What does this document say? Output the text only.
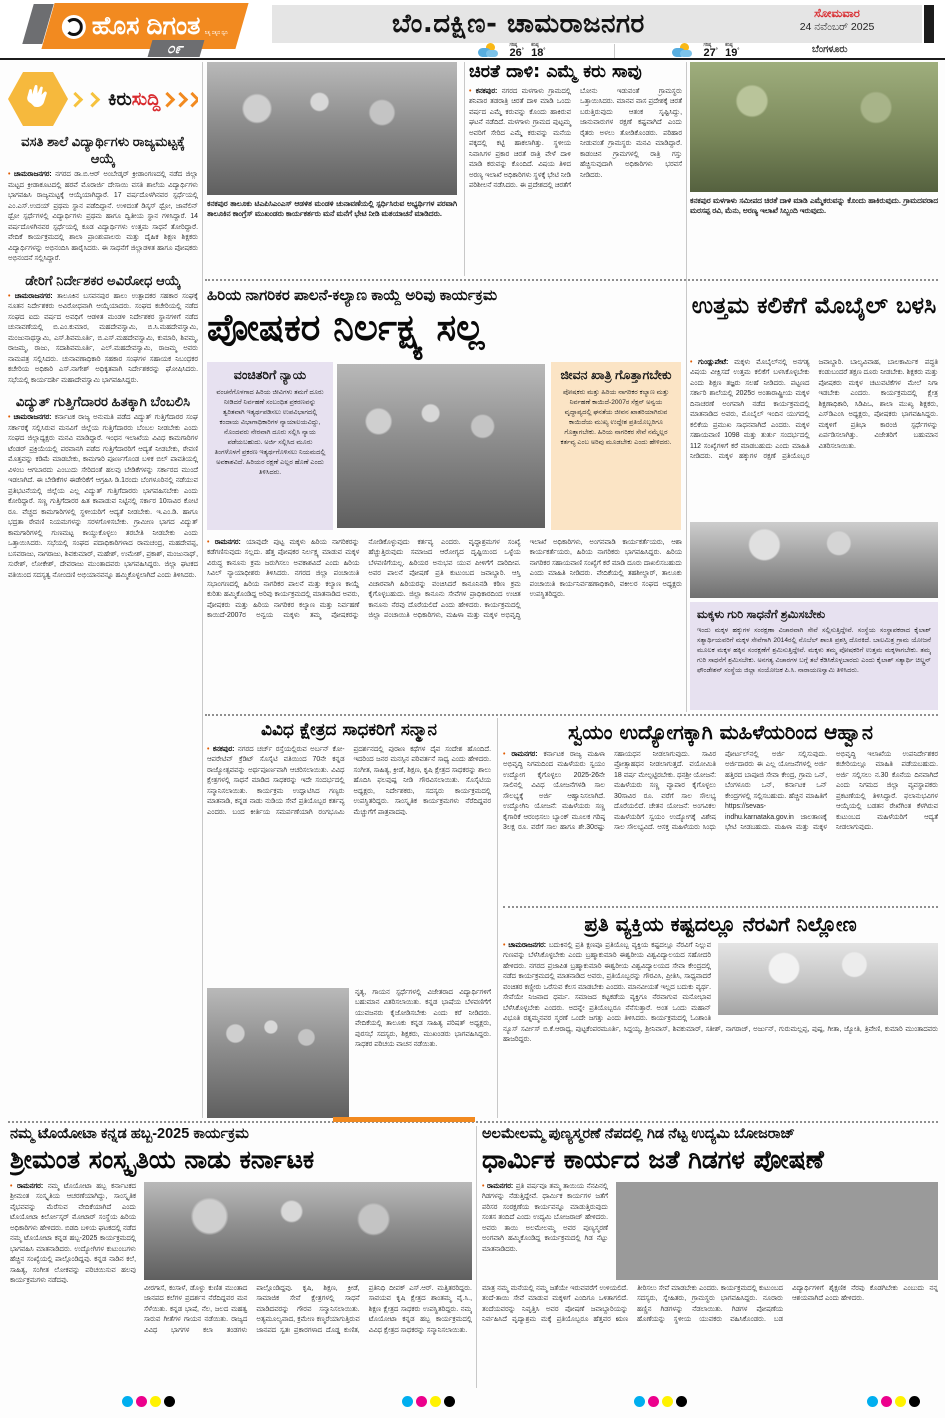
ಹೊಸ ದಿಗಂತ ನಿತ್ಯ ಸತ್ಯದ ಧ್ವನಿ
೦೯
ಬೆಂ.ದಕ್ಷಿಣ- ಚಾಮರಾಜನಗರ	ಸೋಮವಾರ
24 ನವೆಂಬರ್ 2025
ಬೆಂಗಳೂರು

ಗರಿಷ್ಠ
26°
ಕನಿಷ್ಠ
18°

ಗರಿಷ್ಠ
27°
ಕನಿಷ್ಠ
19°
ಕಿರುಸುದ್ದಿ
ವಸತಿ ಶಾಲೆ ವಿದ್ಯಾರ್ಥಿಗಳು ರಾಜ್ಯಮಟ್ಟಕ್ಕೆ ಆಯ್ಕೆ
• ಚಾಮರಾಜನಗರ: ನಗರದ ಡಾ.ಬಿ.ಆರ್ ಅಂಬೇಡ್ಕರ್ ಕ್ರೀಡಾಂಗಣದಲ್ಲಿ ನಡೆದ ಜಿಲ್ಲಾ ಮಟ್ಟದ ಕ್ರೀಡಾಕೂಟದಲ್ಲಿ ಹರವೆ ಮೊರಾರ್ಜಿ ದೇಸಾಯಿ ವಸತಿ ಶಾಲೆಯ ವಿದ್ಯಾರ್ಥಿಗಳು ಭಾಗವಹಿಸಿ ರಾಜ್ಯಮಟ್ಟಕ್ಕೆ ಆಯ್ಕೆಯಾಗಿದ್ದಾರೆ. 17 ವರ್ಷದೊಳಗಿನವರ ಸ್ಪರ್ಧೆಯಲ್ಲಿ ಎಂ.ಎಸ್.ಉದಯ್ ಪ್ರಥಮ ಸ್ಥಾನ ಪಡೆದಿದ್ದಾನೆ. ಉಳಿದಂತೆ ಡಿಸ್ಕಸ್ ಥ್ರೋ, ಜಾವೆಲಿನ್ ಥ್ರೋ ಸ್ಪರ್ಧೆಗಳಲ್ಲಿ ವಿದ್ಯಾರ್ಥಿಗಳು ಪ್ರಥಮ ಹಾಗೂ ದ್ವಿತೀಯ ಸ್ಥಾನ ಗಳಿಸಿದ್ದಾರೆ. 14 ವರ್ಷದೊಳಗಿನವರ ಸ್ಪರ್ಧೆಯಲ್ಲಿ ಕೂಡ ವಿದ್ಯಾರ್ಥಿಗಳು ಉತ್ತಮ ಸಾಧನೆ ತೋರಿದ್ದಾರೆ. ವೇದಿಕೆ ಕಾರ್ಯಕ್ರಮದಲ್ಲಿ ಶಾಲಾ ಪ್ರಾಂಶುಪಾಲರು ಮತ್ತು ದೈಹಿಕ ಶಿಕ್ಷಣ ಶಿಕ್ಷಕರು ವಿದ್ಯಾರ್ಥಿಗಳನ್ನು ಅಭಿನಂದಿಸಿ ಹಾರೈಸಿದರು. ಈ ಸಾಧನೆಗೆ ಜಿಲ್ಲಾಡಳಿತ ಹಾಗೂ ಪೋಷಕರು ಅಭಿನಂದನೆ ಸಲ್ಲಿಸಿದ್ದಾರೆ.
ಡೇರಿಗೆ ನಿರ್ದೇಶಕರ ಅವಿರೋಧ ಆಯ್ಕೆ
• ಚಾಮರಾಜನಗರ: ತಾಲೂಕಿನ ಬಸವನಪುರ ಹಾಲು ಉತ್ಪಾದಕರ ಸಹಕಾರ ಸಂಘಕ್ಕೆ ನೂತನ ನಿರ್ದೇಶಕರು ಅವಿರೋಧವಾಗಿ ಆಯ್ಕೆಯಾದರು. ಸಂಘದ ಕಚೇರಿಯಲ್ಲಿ ನಡೆದ ಸಂಘದ ಐದು ವರ್ಷದ ಅವಧಿಗೆ ಆಡಳಿತ ಮಂಡಳಿ ನಿರ್ದೇಶಕರ ಸ್ಥಾನಗಳಿಗೆ ನಡೆದ ಚುನಾವಣೆಯಲ್ಲಿ ಬಿ.ಎಂ.ಕುಮಾರ, ಮಹದೇವಸ್ವಾಮಿ, ಬಿ.ಸಿ.ಮಹದೇವಸ್ವಾಮಿ, ಮಂಜುನಾಥಸ್ವಾಮಿ, ಎಸ್.ಶಿವಮೂರ್ತಿ, ಬಿ.ಎಸ್.ಮಹದೇವಸ್ವಾಮಿ, ಕುಮಾರಿ, ಶಿವಮ್ಮ, ರಾಜಮ್ಮ, ರಾಜು, ಸದಾಶಿವಮೂರ್ತಿ, ಎಲ್.ಮಹದೇವಸ್ವಾಮಿ, ರಾಜಮ್ಮ ಅವರು ನಾಮಪತ್ರ ಸಲ್ಲಿಸಿದರು. ಚುನಾವಣಾಧಿಕಾರಿ ಸಹಕಾರ ಸಂಘಗಳ ಸಹಾಯಕ ನಿಬಂಧಕರ ಕಚೇರಿಯ ಅಧಿಕಾರಿ ಎಸ್.ನಾಗೇಶ್ ಅಧಿಕೃತವಾಗಿ ನಿರ್ದೇಶಕರನ್ನು ಘೋಷಿಸಿದರು. ಸಭೆಯಲ್ಲಿ ಕಾರ್ಯದರ್ಶಿ ಮಹಾದೇವಸ್ವಾಮಿ ಭಾಗವಹಿಸಿದ್ದರು.
ವಿದ್ಯುತ್ ಗುತ್ತಿಗೆದಾರರ ಹಿತಕ್ಕಾಗಿ ಬೆಂಬಲಿಸಿ
• ಚಾಮರಾಜನಗರ: ಕರ್ನಾಟಕ ರಾಜ್ಯ ಅನುಮತಿ ಪಡೆದ ವಿದ್ಯುತ್ ಗುತ್ತಿಗೆದಾರರ ಸಂಘ ಸರ್ಕಾರಕ್ಕೆ ಸಲ್ಲಿಸಿರುವ ಮನವಿಗೆ ಜಿಲ್ಲೆಯ ಗುತ್ತಿಗೆದಾರರು ಬೆಂಬಲ ನೀಡಬೇಕು ಎಂದು ಸಂಘದ ಜಿಲ್ಲಾಧ್ಯಕ್ಷರು ಮನವಿ ಮಾಡಿದ್ದಾರೆ. ಇಂಧನ ಇಲಾಖೆಯ ವಿವಿಧ ಕಾಮಗಾರಿಗಳ ಟೆಂಡರ್ ಪ್ರಕ್ರಿಯೆಯಲ್ಲಿ ಪರವಾನಗಿ ಪಡೆದ ಗುತ್ತಿಗೆದಾರರಿಗೆ ಆದ್ಯತೆ ನೀಡಬೇಕು, ಠೇವಣಿ ಮೊತ್ತವನ್ನು ಕಡಿಮೆ ಮಾಡಬೇಕು, ಕಾಮಗಾರಿ ಪೂರ್ಣಗೊಂಡ ಬಳಿಕ ಬಿಲ್ ಪಾವತಿಯಲ್ಲಿ ವಿಳಂಬ ಆಗಬಾರದು ಎಂಬುದು ಸೇರಿದಂತೆ ಹಲವು ಬೇಡಿಕೆಗಳನ್ನು ಸರ್ಕಾರದ ಮುಂದೆ ಇಡಲಾಗಿದೆ. ಈ ಬೇಡಿಕೆಗಳ ಈಡೇರಿಕೆಗೆ ಆಗ್ರಹಿಸಿ ಡಿ.1ರಂದು ಬೆಂಗಳೂರಿನಲ್ಲಿ ನಡೆಯುವ ಪ್ರತಿಭಟನೆಯಲ್ಲಿ ಜಿಲ್ಲೆಯ ಎಲ್ಲ ವಿದ್ಯುತ್ ಗುತ್ತಿಗೆದಾರರು ಭಾಗವಹಿಸಬೇಕು ಎಂದು ಕೋರಿದ್ದಾರೆ. ಸಣ್ಣ ಗುತ್ತಿಗೆದಾರರ ಹಿತ ಕಾಪಾಡುವ ನಿಟ್ಟಿನಲ್ಲಿ ಸರ್ಕಾರ 10ಸಾವಿರ ಕೋಟಿ ರೂ. ವೆಚ್ಚದ ಕಾಮಗಾರಿಗಳಲ್ಲಿ ಸ್ಥಳೀಯರಿಗೆ ಆದ್ಯತೆ ನೀಡಬೇಕು. ಇ.ಎಂ.ಡಿ. ಹಾಗೂ ಭದ್ರತಾ ಠೇವಣಿ ನಿಯಮಗಳನ್ನು ಸರಳಗೊಳಿಸಬೇಕು. ಗ್ರಾಮೀಣ ಭಾಗದ ವಿದ್ಯುತ್ ಕಾಮಗಾರಿಗಳಲ್ಲಿ ಗುಣಮಟ್ಟ ಕಾಯ್ದುಕೊಳ್ಳಲು ತರಬೇತಿ ನೀಡಬೇಕು ಎಂದು ಒತ್ತಾಯಿಸಿದರು. ಸಭೆಯಲ್ಲಿ ಸಂಘದ ಪದಾಧಿಕಾರಿಗಳಾದ ರಾಮಚಂದ್ರ, ಮಹದೇವಪ್ಪ, ಬಸವರಾಜು, ನಾಗರಾಜು, ಶಿವಕುಮಾರ್, ಮಹೇಶ್, ಉಮೇಶ್, ಪ್ರಕಾಶ್, ಮಂಜುನಾಥ್, ಸುರೇಶ್, ಲೋಕೇಶ್, ದೇವರಾಜು ಮುಂತಾದವರು ಭಾಗವಹಿಸಿದ್ದರು. ಜಿಲ್ಲಾ ಘಟಕದ ವತಿಯಿಂದ ಸದಸ್ಯತ್ವ ನೋಂದಣಿ ಅಭಿಯಾನವನ್ನೂ ಹಮ್ಮಿಕೊಳ್ಳಲಾಗಿದೆ ಎಂದು ತಿಳಿಸಿದರು.
ಕನಕಪುರ ತಾಲೂಕು ಟಿಎಪಿಸಿಎಂಎಸ್ ಆಡಳಿತ ಮಂಡಳಿ ಚುನಾವಣೆಯಲ್ಲಿ ಸ್ಪರ್ಧಿಸಿರುವ ಅಭ್ಯರ್ಥಿಗಳ ಪರವಾಗಿ ತಾಲೂಕಿನ ಕಾಂಗ್ರೆಸ್ ಮುಖಂಡರು ಕಾರ್ಯಕರ್ತರು ಮನೆ ಮನೆಗೆ ಭೇಟಿ ನೀಡಿ ಮತಯಾಚನೆ ಮಾಡಿದರು.
ಚಿರತೆ ದಾಳಿ: ಎಮ್ಮೆ ಕರು ಸಾವು
• ಕನಕಪುರ: ನಗರದ ಮಳಗಾಳು ಗ್ರಾಮದಲ್ಲಿ ಶನಿವಾರ ತಡರಾತ್ರಿ ಚಿರತೆ ದಾಳಿ ಮಾಡಿ ಒಂದು ವರ್ಷದ ಎಮ್ಮೆ ಕರುವನ್ನು ಕೊಂದು ಹಾಕಿರುವ ಘಟನೆ ನಡೆದಿದೆ. ಮಳಗಾಳು ಗ್ರಾಮದ ಪುಟ್ಟಮ್ಮ ಅವರಿಗೆ ಸೇರಿದ ಎಮ್ಮೆ ಕರುವನ್ನು ಮನೆಯ ಪಕ್ಕದಲ್ಲಿ ಕಟ್ಟಿ ಹಾಕಲಾಗಿತ್ತು. ಸ್ಥಳೀಯ ನಿವಾಸಿಗಳ ಪ್ರಕಾರ ಚಿರತೆ ರಾತ್ರಿ ವೇಳೆ ದಾಳಿ ಮಾಡಿ ಕರುವನ್ನು ಕೊಂದಿದೆ. ವಿಷಯ ತಿಳಿದ ಅರಣ್ಯ ಇಲಾಖೆ ಅಧಿಕಾರಿಗಳು ಸ್ಥಳಕ್ಕೆ ಭೇಟಿ ನೀಡಿ ಪರಿಶೀಲನೆ ನಡೆಸಿದರು. ಈ ಪ್ರದೇಶದಲ್ಲಿ ಚಿರತೆಗೆ ಬೋನು ಇಡುವಂತೆ ಗ್ರಾಮಸ್ಥರು ಒತ್ತಾಯಿಸಿದರು. ಮಾನವ ವಾಸ ಪ್ರದೇಶಕ್ಕೆ ಚಿರತೆ ಬರುತ್ತಿರುವುದು ಆತಂಕ ಸೃಷ್ಟಿಸಿದ್ದು, ಜಾನುವಾರುಗಳ ರಕ್ಷಣೆ ಕಷ್ಟವಾಗಿದೆ ಎಂದು ರೈತರು ಅಳಲು ತೋಡಿಕೊಂಡರು. ಪರಿಹಾರ ನೀಡುವಂತೆ ಗ್ರಾಮಸ್ಥರು ಮನವಿ ಮಾಡಿದ್ದಾರೆ. ಕಾಡಂಚಿನ ಗ್ರಾಮಗಳಲ್ಲಿ ರಾತ್ರಿ ಗಸ್ತು ಹೆಚ್ಚಿಸುವುದಾಗಿ ಅಧಿಕಾರಿಗಳು ಭರವಸೆ ನೀಡಿದರು.
ಕನಕಪುರ ಮಳಗಾಳು ಸಮೀಪದ ಚಿರತೆ ದಾಳಿ ಮಾಡಿ ಎಮ್ಮೆಕರುವನ್ನು ಕೊಂದು ಹಾಕಿರುವುದು. ಗ್ರಾಮದವರಾದ ಮರಸಪ್ಪ ರವಿ, ಮೆನು, ಅರಣ್ಯ ಇಲಾಖೆ ಸಿಬ್ಬಂದಿ ಇರುವುದು.
ಹಿರಿಯ ನಾಗರಿಕರ ಪಾಲನೆ-ಕಲ್ಯಾಣ ಕಾಯ್ದೆ ಅರಿವು ಕಾರ್ಯಕ್ರಮ
ಪೋಷಕರ ನಿರ್ಲಕ್ಷ್ಯ ಸಲ್ಲ
ವಂಚಿತರಿಗೆ ನ್ಯಾಯ
ವಂಚನೆಗೊಳಗಾದ ಹಿರಿಯ ಜೀವಿಗಳು ತಮಗೆ ದೂರು ನೀಡಿದರೆ ನಿರ್ವಹಣೆ ಸಂಬಂಧಿತ ಪ್ರಕರಣವನ್ನು ತ್ವರಿತವಾಗಿ ಇತ್ಯರ್ಥಪಡಿಸಲು ಉಪವಿಭಾಗದಲ್ಲಿ ಕಂದಾಯ ವಿಭಾಗಾಧಿಕಾರಿಗಳ ನ್ಯಾಯಾಲಯವಿದ್ದು, ನೊಂದವರು ನೇರವಾಗಿ ದೂರು ಸಲ್ಲಿಸಿ ನ್ಯಾಯ ಪಡೆಯಬಹುದು. ಅರ್ಜಿ ಸಲ್ಲಿಸಿದ ಮೂರು ತಿಂಗಳೊಳಗೆ ಪ್ರಕರಣ ಇತ್ಯರ್ಥಗೊಳಿಸಲು ನಿಯಮದಲ್ಲಿ ಅವಕಾಶವಿದೆ. ಹಿರಿಯರ ರಕ್ಷಣೆ ಎಲ್ಲರ ಹೊಣೆ ಎಂದು ತಿಳಿಸಿದರು.
ಜೀವನ ಖಾತ್ರಿ ಗೊತ್ತಾಗಬೇಕು
ಪೋಷಕರು ಮತ್ತು ಹಿರಿಯ ನಾಗರಿಕರ ಕಲ್ಯಾಣ ಮತ್ತು ನಿರ್ವಹಣೆ ಕಾಯಿದೆ-2007ರ ಸೆಕ್ಷನ್ ಅನ್ವಯ ವೃದ್ಧಾಪ್ಯದಲ್ಲಿ ಘನತೆಯ ಜೀವನ ಖಾತರಿಯಾಗಿರುವ ಕಾಯಿದೆಯ ಮುಖ್ಯ ಉದ್ದೇಶ ಪ್ರತಿಯೊಬ್ಬರಿಗೂ ಗೊತ್ತಾಗಬೇಕು. ಹಿರಿಯ ನಾಗರಿಕರ ಸೇವೆ ನಮ್ಮೆಲ್ಲರ ಕರ್ತವ್ಯ ಎಂಬ ಅರಿವು ಮೂಡಬೇಕು ಎಂದು ಹೇಳಿದರು.
• ರಾಮನಗರ: ಯಾವುದೇ ಪುಟ್ಟ ಮಕ್ಕಳು ಹಿರಿಯ ನಾಗರಿಕರನ್ನು ಕಡೆಗಣಿಸುವುದು ಸಲ್ಲದು. ಹೆತ್ತ ಪೋಷಕರ ನಿರ್ಲಕ್ಷ್ಯ ಮಾಡುವ ಮಕ್ಕಳ ವಿರುದ್ಧ ಕಾನೂನು ಕ್ರಮ ಜರುಗಿಸಲು ಅವಕಾಶವಿದೆ ಎಂದು ಹಿರಿಯ ಸಿವಿಲ್ ನ್ಯಾಯಾಧೀಶರು ತಿಳಿಸಿದರು. ನಗರದ ಜಿಲ್ಲಾ ಪಂಚಾಯಿತಿ ಸಭಾಂಗಣದಲ್ಲಿ ಹಿರಿಯ ನಾಗರಿಕರ ಪಾಲನೆ ಮತ್ತು ಕಲ್ಯಾಣ ಕಾಯ್ದೆ ಕುರಿತು ಹಮ್ಮಿಕೊಂಡಿದ್ದ ಅರಿವು ಕಾರ್ಯಕ್ರಮದಲ್ಲಿ ಮಾತನಾಡಿದ ಅವರು, ಪೋಷಕರು ಮತ್ತು ಹಿರಿಯ ನಾಗರಿಕರ ಕಲ್ಯಾಣ ಮತ್ತು ನಿರ್ವಹಣೆ ಕಾಯಿದೆ-2007ರ ಅನ್ವಯ ಮಕ್ಕಳು ತಮ್ಮ ಪೋಷಕರನ್ನು ನೋಡಿಕೊಳ್ಳುವುದು ಕರ್ತವ್ಯ ಎಂದರು. ವೃದ್ಧಾಶ್ರಮಗಳ ಸಂಖ್ಯೆ ಹೆಚ್ಚುತ್ತಿರುವುದು ಸಮಾಜದ ಆರೋಗ್ಯದ ದೃಷ್ಟಿಯಿಂದ ಒಳ್ಳೆಯ ಬೆಳವಣಿಗೆಯಲ್ಲ. ಹಿರಿಯರ ಅನುಭವ ಯುವ ಪೀಳಿಗೆಗೆ ದಾರಿದೀಪ. ಅವರ ಪಾಲನೆ ಪೋಷಣೆ ಪ್ರತಿ ಕುಟುಂಬದ ಜವಾಬ್ದಾರಿ. ಆಸ್ತಿ ವಿಚಾರವಾಗಿ ಹಿರಿಯರನ್ನು ವಂಚಿಸಿದರೆ ಕಾನೂನಿನಡಿ ಕಠಿಣ ಕ್ರಮ ಕೈಗೊಳ್ಳಬಹುದು. ಜಿಲ್ಲಾ ಕಾನೂನು ಸೇವೆಗಳ ಪ್ರಾಧಿಕಾರದಿಂದ ಉಚಿತ ಕಾನೂನು ನೆರವು ದೊರೆಯಲಿದೆ ಎಂದು ಹೇಳಿದರು. ಕಾರ್ಯಕ್ರಮದಲ್ಲಿ ಜಿಲ್ಲಾ ಪಂಚಾಯಿತಿ ಅಧಿಕಾರಿಗಳು, ಮಹಿಳಾ ಮತ್ತು ಮಕ್ಕಳ ಅಭಿವೃದ್ಧಿ ಇಲಾಖೆ ಅಧಿಕಾರಿಗಳು, ಅಂಗನವಾಡಿ ಕಾರ್ಯಕರ್ತೆಯರು, ಆಶಾ ಕಾರ್ಯಕರ್ತೆಯರು, ಹಿರಿಯ ನಾಗರಿಕರು ಭಾಗವಹಿಸಿದ್ದರು. ಹಿರಿಯ ನಾಗರಿಕರ ಸಹಾಯವಾಣಿ ಸಂಖ್ಯೆಗೆ ಕರೆ ಮಾಡಿ ದೂರು ದಾಖಲಿಸಬಹುದು ಎಂದು ಮಾಹಿತಿ ನೀಡಿದರು. ವೇದಿಕೆಯಲ್ಲಿ ತಹಶೀಲ್ದಾರ್, ತಾಲೂಕು ಪಂಚಾಯಿತಿ ಕಾರ್ಯನಿರ್ವಹಣಾಧಿಕಾರಿ, ವಕೀಲರ ಸಂಘದ ಅಧ್ಯಕ್ಷರು ಉಪಸ್ಥಿತರಿದ್ದರು.
ಉತ್ತಮ ಕಲಿಕೆಗೆ ಮೊಬೈಲ್ ಬಳಸಿ
• ಗುಂಡ್ಲುಪೇಟೆ: ಮಕ್ಕಳು ಮೊಬೈಲ್‌ನಲ್ಲಿ ಅನಗತ್ಯ ವಿಷಯ ವೀಕ್ಷಿಸದೆ ಉತ್ತಮ ಕಲಿಕೆಗೆ ಬಳಸಿಕೊಳ್ಳಬೇಕು ಎಂದು ಶಿಕ್ಷಣ ತಜ್ಞರು ಸಲಹೆ ನೀಡಿದರು. ಪಟ್ಟಣದ ಸರ್ಕಾರಿ ಶಾಲೆಯಲ್ಲಿ 2025ರ ಅಂತಾರಾಷ್ಟ್ರೀಯ ಮಕ್ಕಳ ದಿನಾಚರಣೆ ಅಂಗವಾಗಿ ನಡೆದ ಕಾರ್ಯಕ್ರಮದಲ್ಲಿ ಮಾತನಾಡಿದ ಅವರು, ಮೊಬೈಲ್ ಇಂದಿನ ಯುಗದಲ್ಲಿ ಕಲಿಕೆಯ ಪ್ರಮುಖ ಸಾಧನವಾಗಿದೆ ಎಂದರು. ಮಕ್ಕಳ ಸಹಾಯವಾಣಿ 1098 ಮತ್ತು ತುರ್ತು ಸಂದರ್ಭದಲ್ಲಿ 112 ಸಂಖ್ಯೆಗಳಿಗೆ ಕರೆ ಮಾಡಬಹುದು ಎಂದು ಮಾಹಿತಿ ನೀಡಿದರು. ಮಕ್ಕಳ ಹಕ್ಕುಗಳ ರಕ್ಷಣೆ ಪ್ರತಿಯೊಬ್ಬರ ಜವಾಬ್ದಾರಿ. ಬಾಲ್ಯವಿವಾಹ, ಬಾಲಕಾರ್ಮಿಕ ಪದ್ಧತಿ ಕಂಡುಬಂದರೆ ತಕ್ಷಣ ದೂರು ನೀಡಬೇಕು. ಶಿಕ್ಷಕರು ಮತ್ತು ಪೋಷಕರು ಮಕ್ಕಳ ಚಟುವಟಿಕೆಗಳ ಮೇಲೆ ನಿಗಾ ಇಡಬೇಕು ಎಂದರು. ಕಾರ್ಯಕ್ರಮದಲ್ಲಿ ಕ್ಷೇತ್ರ ಶಿಕ್ಷಣಾಧಿಕಾರಿ, ಸಿಡಿಪಿಒ, ಶಾಲಾ ಮುಖ್ಯ ಶಿಕ್ಷಕರು, ಎಸ್‌ಡಿಎಂಸಿ ಅಧ್ಯಕ್ಷರು, ಪೋಷಕರು ಭಾಗವಹಿಸಿದ್ದರು. ಮಕ್ಕಳಿಗೆ ಪ್ರತಿಭಾ ಕಾರಂಜಿ ಸ್ಪರ್ಧೆಗಳನ್ನು ಏರ್ಪಡಿಸಲಾಗಿತ್ತು. ವಿಜೇತರಿಗೆ ಬಹುಮಾನ ವಿತರಿಸಲಾಯಿತು.
ಮಕ್ಕಳು ಗುರಿ ಸಾಧನೆಗೆ ಶ್ರಮಿಸಬೇಕು
ಇಂದು ಮಕ್ಕಳ ಹಕ್ಕುಗಳ ಸಂರಕ್ಷಣಾ ವಿಚಾರವಾಗಿ ಸೇವೆ ಸಲ್ಲಿಸುತ್ತಿದ್ದೇವೆ. ಸಂಸ್ಥೆಯ ಸಂಸ್ಥಾಪಕರಾದ ಕೈಲಾಶ್ ಸತ್ಯಾರ್ಥಿಯವರಿಗೆ ಮಕ್ಕಳ ಸೇವೆಗಾಗಿ 2014ರಲ್ಲಿ ನೊಬೆಲ್ ಶಾಂತಿ ಪ್ರಶಸ್ತಿ ದೊರಕಿದೆ. ಬಾಲಮಿತ್ರ ಗ್ರಾಮ ಯೋಜನೆ ಮೂಲಕ ಮಕ್ಕಳ ಹಕ್ಕಿನ ಸಂರಕ್ಷಣೆಗೆ ಶ್ರಮಿಸುತ್ತಿದ್ದೇವೆ. ಮಕ್ಕಳು ತಮ್ಮ ಪೋಷಕರಿಗೆ ಉತ್ತಮ ಮಕ್ಕಳಾಗಬೇಕು. ತಮ್ಮ ಗುರಿ ಸಾಧನೆಗೆ ಶ್ರಮಿಸಬೇಕು. ಅನಗತ್ಯ ವಿಚಾರಗಳ ಬಗ್ಗೆ ತಲೆ ಕೆಡಿಸಿಕೊಳ್ಳಬಾರದು ಎಂದು ಕೈಲಾಶ್ ಸತ್ಯಾರ್ಥಿ ಚಿಲ್ಡ್ರನ್ ಫೌಂಡೇಶನ್ ಸಂಸ್ಥೆಯ ಜಿಲ್ಲಾ ಸಂಯೋಜಕ ಪಿ.ಸಿ. ನಾರಾಯಣಸ್ವಾಮಿ ತಿಳಿಸಿದರು.
ವಿವಿಧ ಕ್ಷೇತ್ರದ ಸಾಧಕರಿಗೆ ಸನ್ಮಾನ
• ಕನಕಪುರ: ನಗರದ ಚರ್ಚ್ ರಸ್ತೆಯಲ್ಲಿರುವ ಅರ್ಬನ್ ಕೋ-ಆಪರೇಟಿವ್ ಕ್ರೆಡಿಟ್ ಸೊಸೈಟಿ ವತಿಯಿಂದ 70ನೇ ಕನ್ನಡ ರಾಜ್ಯೋತ್ಸವವನ್ನು ಅರ್ಥಪೂರ್ಣವಾಗಿ ಆಚರಿಸಲಾಯಿತು. ವಿವಿಧ ಕ್ಷೇತ್ರಗಳಲ್ಲಿ ಸಾಧನೆ ಮಾಡಿದ ಸಾಧಕರನ್ನು ಇದೇ ಸಂದರ್ಭದಲ್ಲಿ ಸನ್ಮಾನಿಸಲಾಯಿತು. ಕಾರ್ಯಕ್ರಮ ಉದ್ಘಾಟಿಸಿದ ಗಣ್ಯರು ಮಾತನಾಡಿ, ಕನ್ನಡ ನಾಡು ನುಡಿಯ ಸೇವೆ ಪ್ರತಿಯೊಬ್ಬರ ಕರ್ತವ್ಯ ಎಂದರು. ಬಂದ ಕೀರ್ತಿಯ ಸಮರ್ಪಣೆಯಾಗಿ ರಂಗಭೂಮಿ ಪ್ರದರ್ಶನದಲ್ಲಿ ಪುರಾಣ ಕಥೆಗಳ ದೈವ ಸಂದೇಶ ಹೊಂದಿದೆ. ಇದರಿಂದ ಜನರ ಮನಸ್ಸಿನ ಪರಿವರ್ತನೆ ಸಾಧ್ಯ ಎಂದು ಹೇಳಿದರು. ಸಂಗೀತ, ಸಾಹಿತ್ಯ, ಕ್ರೀಡೆ, ಶಿಕ್ಷಣ, ಕೃಷಿ ಕ್ಷೇತ್ರದ ಸಾಧಕರನ್ನು ಶಾಲು ಹೊದಿಸಿ ಫಲಪುಷ್ಪ ನೀಡಿ ಗೌರವಿಸಲಾಯಿತು. ಸೊಸೈಟಿಯ ಅಧ್ಯಕ್ಷರು, ನಿರ್ದೇಶಕರು, ಸದಸ್ಯರು ಕಾರ್ಯಕ್ರಮದಲ್ಲಿ ಉಪಸ್ಥಿತರಿದ್ದರು. ಸಾಂಸ್ಕೃತಿಕ ಕಾರ್ಯಕ್ರಮಗಳು ನೆರೆದಿದ್ದವರ ಮೆಚ್ಚುಗೆಗೆ ಪಾತ್ರವಾದವು.
ನೃತ್ಯ, ಗಾಯನ ಸ್ಪರ್ಧೆಗಳಲ್ಲಿ ವಿಜೇತರಾದ ವಿದ್ಯಾರ್ಥಿಗಳಿಗೆ ಬಹುಮಾನ ವಿತರಿಸಲಾಯಿತು. ಕನ್ನಡ ಭಾಷೆಯ ಬೆಳವಣಿಗೆಗೆ ಯುವಜನರು ಕೈಜೋಡಿಸಬೇಕು ಎಂದು ಕರೆ ನೀಡಿದರು. ವೇದಿಕೆಯಲ್ಲಿ ತಾಲೂಕು ಕನ್ನಡ ಸಾಹಿತ್ಯ ಪರಿಷತ್ ಅಧ್ಯಕ್ಷರು, ಪುರಸಭೆ ಸದಸ್ಯರು, ಶಿಕ್ಷಕರು, ಮುಖಂಡರು ಭಾಗವಹಿಸಿದ್ದರು. ಸಾಧಕರ ಪರಿಚಯ ವಾಚನ ನಡೆಯಿತು.
ಸ್ವಯಂ ಉದ್ಯೋಗಕ್ಕಾಗಿ ಮಹಿಳೆಯರಿಂದ ಆಹ್ವಾನ
• ರಾಮನಗರ: ಕರ್ನಾಟಕ ರಾಜ್ಯ ಮಹಿಳಾ ಅಭಿವೃದ್ಧಿ ನಿಗಮದಿಂದ ಮಹಿಳೆಯರು ಸ್ವಯಂ ಉದ್ಯೋಗ ಕೈಗೊಳ್ಳಲು 2025-26ನೇ ಸಾಲಿನಲ್ಲಿ ವಿವಿಧ ಯೋಜನೆಗಳಡಿ ಸಾಲ ಸೌಲಭ್ಯಕ್ಕೆ ಅರ್ಜಿ ಆಹ್ವಾನಿಸಲಾಗಿದೆ. ಉದ್ಯೋಗಿನಿ ಯೋಜನೆ: ಮಹಿಳೆಯರು ಸಣ್ಣ ಕೈಗಾರಿಕೆ ಆರಂಭಿಸಲು ಬ್ಯಾಂಕ್ ಮೂಲಕ ಗರಿಷ್ಠ 3ಲಕ್ಷ ರೂ. ವರೆಗೆ ಸಾಲ ಹಾಗೂ ಶೇ.30ರಷ್ಟು ಸಹಾಯಧನ ನೀಡಲಾಗುವುದು. ಸಾವಿರ ಪ್ರೋತ್ಸಾಹಧನ ನೀಡಲಾಗುತ್ತದೆ. ವಯೋಮಿತಿ 18 ವರ್ಷ ಮೇಲ್ಪಟ್ಟಿರಬೇಕು. ಧನಶ್ರೀ ಯೋಜನೆ: ಮಹಿಳೆಯರು ಸಣ್ಣ ವ್ಯಾಪಾರ ಕೈಗೊಳ್ಳಲು 30ಸಾವಿರ ರೂ. ವರೆಗೆ ಸಾಲ ಸೌಲಭ್ಯ ದೊರೆಯಲಿದೆ. ಚೇತನ ಯೋಜನೆ: ಅಂಗವಿಕಲ ಮಹಿಳೆಯರಿಗೆ ಸ್ವಯಂ ಉದ್ಯೋಗಕ್ಕೆ ವಿಶೇಷ ಸಾಲ ಸೌಲಭ್ಯವಿದೆ. ಆಸಕ್ತ ಮಹಿಳೆಯರು ಸಿಂಧು ಪೋರ್ಟಲ್‌ನಲ್ಲಿ ಅರ್ಜಿ ಸಲ್ಲಿಸುವುದು. ಅರ್ಜಿದಾರರು ಈ ಎಲ್ಲ ಯೋಜನೆಗಳಲ್ಲಿ ಅರ್ಜಿ ಹತ್ತಿರದ ಬಾಪೂಜಿ ಸೇವಾ ಕೇಂದ್ರ, ಗ್ರಾಮ ಒನ್, ಬೆಂಗಳೂರು ಒನ್, ಕರ್ನಾಟಕ ಒನ್ ಕೇಂದ್ರಗಳಲ್ಲಿ ಸಲ್ಲಿಸಬಹುದು. ಹೆಚ್ಚಿನ ಮಾಹಿತಿಗೆ https://sevas-indhu.karnataka.gov.in ಜಾಲತಾಣಕ್ಕೆ ಭೇಟಿ ನೀಡಬಹುದು. ಮಹಿಳಾ ಮತ್ತು ಮಕ್ಕಳ ಅಭಿವೃದ್ಧಿ ಇಲಾಖೆಯ ಉಪನಿರ್ದೇಶಕರ ಕಚೇರಿಯಲ್ಲೂ ಮಾಹಿತಿ ಪಡೆಯಬಹುದು. ಅರ್ಜಿ ಸಲ್ಲಿಸಲು ನ.30 ಕೊನೆಯ ದಿನವಾಗಿದೆ ಎಂದು ನಿಗಮದ ಜಿಲ್ಲಾ ವ್ಯವಸ್ಥಾಪಕರು ಪ್ರಕಟಣೆಯಲ್ಲಿ ತಿಳಿಸಿದ್ದಾರೆ. ಫಲಾನುಭವಿಗಳ ಆಯ್ಕೆಯಲ್ಲಿ ಬಡತನ ರೇಖೆಗಿಂತ ಕೆಳಗಿರುವ ಕುಟುಂಬದ ಮಹಿಳೆಯರಿಗೆ ಆದ್ಯತೆ ನೀಡಲಾಗುವುದು.
ಪ್ರತಿ ವ್ಯಕ್ತಿಯ ಕಷ್ಟದಲ್ಲೂ ನೆರವಿಗೆ ನಿಲ್ಲೋಣ
• ಚಾಮರಾಜನಗರ: ಬದುಕಿನಲ್ಲಿ ಪ್ರತಿ ಕ್ಷಣವೂ ಪ್ರತಿಯೊಬ್ಬ ವ್ಯಕ್ತಿಯ ಕಷ್ಟದಲ್ಲೂ ನೆರವಿಗೆ ನಿಲ್ಲುವ ಗುಣವನ್ನು ಬೆಳೆಸಿಕೊಳ್ಳಬೇಕು ಎಂದು ಬ್ರಹ್ಮಾಕುಮಾರಿ ಈಶ್ವರೀಯ ವಿಶ್ವವಿದ್ಯಾಲಯದ ಸಹೋದರಿ ಹೇಳಿದರು. ನಗರದ ಪ್ರಜಾಪಿತ ಬ್ರಹ್ಮಾಕುಮಾರಿ ಈಶ್ವರೀಯ ವಿಶ್ವವಿದ್ಯಾಲಯದ ಸೇವಾ ಕೇಂದ್ರದಲ್ಲಿ ನಡೆದ ಕಾರ್ಯಕ್ರಮದಲ್ಲಿ ಮಾತನಾಡಿದ ಅವರು, ಪ್ರತಿಯೊಬ್ಬರನ್ನು ಗೌರವಿಸಿ, ಪ್ರೀತಿಸಿ, ಸಾಧ್ಯವಾದರೆ ವಂಚಿತರ ಕಣ್ಣೀರು ಒರೆಸುವ ಕೆಲಸ ಮಾಡಬೇಕು ಎಂದರು. ಮಾನವೀಯತೆ ಇಲ್ಲದ ಬದುಕು ವ್ಯರ್ಥ. ಸೇವೆಯೇ ನಿಜವಾದ ಧರ್ಮ. ಸಮಾಜದ ಕಟ್ಟಕಡೆಯ ವ್ಯಕ್ತಿಗೂ ನೆರವಾಗುವ ಮನೋಭಾವ ಬೆಳೆಸಿಕೊಳ್ಳಬೇಕು ಎಂದರು. ಅದನ್ನೇ ಪ್ರತಿಯೊಬ್ಬರೂ ನೆನೆಸುತ್ತಾರೆ. ಅಂತ ಒಂದು ಮಹಾನ್ ವಿಭೂತಿ ರತ್ನಮ್ಮನವರ ಸ್ಮರಣೆ ಒಂದೇ ಜಗತ್ತು ಎಂದು ತಿಳಿಸಿದರು. ಕಾರ್ಯಕ್ರಮದಲ್ಲಿ ಓಂಶಾಂತಿ ನ್ಯೂಸ್ ಸರ್ವೀಸ್ ಬಿ.ಕೆ.ಆರಾಧ್ಯ, ಪುಟ್ಟಕೆಂಪರಮೂರ್ತಿ, ಸಿದ್ದಯ್ಯ, ಶ್ರೀನಿವಾಸ್, ಶಿವಕುಮಾರ್, ಸತೀಶ್, ನಾಗರಾಜ್, ಅರ್ಜುನ್, ಗುರುಮಲ್ಲಪ್ಪ, ಪುಷ್ಪ, ಗೀತಾ, ಜ್ಯೋತಿ, ತ್ರಿವೇಣಿ, ಕುಮಾರಿ ಮುಂತಾದವರು ಹಾಜರಿದ್ದರು.
ನಮ್ಮ ಟೊಯೋಟಾ ಕನ್ನಡ ಹಬ್ಬ-2025 ಕಾರ್ಯಕ್ರಮ
ಶ್ರೀಮಂತ ಸಂಸ್ಕೃತಿಯ ನಾಡು ಕರ್ನಾಟಕ
• ರಾಮನಗರ: ನಮ್ಮ ಟೊಯೋಟಾ ಹಬ್ಬ ಕರ್ನಾಟಕದ ಶ್ರೀಮಂತ ಸಂಸ್ಕೃತಿಯ ಆಚರಣೆಯಾಗಿದ್ದು, ಸಾಂಸ್ಕೃತಿಕ ವೈಭವವನ್ನು ಮೆರೆಸುವ ವೇದಿಕೆಯಾಗಿದೆ ಎಂದು ಟೊಯೋಟಾ ಕಿರ್ಲೋಸ್ಕರ್ ಮೋಟಾರ್ ಸಂಸ್ಥೆಯ ಹಿರಿಯ ಅಧಿಕಾರಿಗಳು ಹೇಳಿದರು. ಬಿಡದಿ ಬಳಿಯ ಘಟಕದಲ್ಲಿ ನಡೆದ ನಮ್ಮ ಟೊಯೋಟಾ ಕನ್ನಡ ಹಬ್ಬ-2025 ಕಾರ್ಯಕ್ರಮದಲ್ಲಿ ಭಾಗವಹಿಸಿ ಮಾತನಾಡಿದರು. ಉದ್ಯೋಗಿಗಳ ಕುಟುಂಬಗಳು ಹೆಚ್ಚಿನ ಸಂಖ್ಯೆಯಲ್ಲಿ ಪಾಲ್ಗೊಂಡಿದ್ದವು. ಕನ್ನಡ ನಾಡಿನ ಕಲೆ, ಸಾಹಿತ್ಯ, ಸಂಗೀತ ಲೋಕವನ್ನು ಪರಿಚಯಿಸುವ ಹಲವು ಕಾರ್ಯಕ್ರಮಗಳು ನಡೆದವು.
ವೀರಗಾಸೆ, ಕಂಸಾಳೆ, ಡೊಳ್ಳು ಕುಣಿತ ಮುಂತಾದ ಜಾನಪದ ಕಲೆಗಳ ಪ್ರದರ್ಶನ ನೆರೆದಿದ್ದವರ ಮನ ಸೆಳೆಯಿತು. ಕನ್ನಡ ಭಾಷೆ, ನೆಲ, ಜಲದ ಮಹತ್ವ ಸಾರುವ ಗೀತೆಗಳ ಗಾಯನ ನಡೆಯಿತು. ರಾಜ್ಯದ ವಿವಿಧ ಭಾಗಗಳ ಕಲಾ ತಂಡಗಳು ಪಾಲ್ಗೊಂಡಿದ್ದವು. ಕೃಷಿ, ಶಿಕ್ಷಣ, ಕ್ರೀಡೆ, ಸಾಮಾಜಿಕ ಸೇವೆ ಕ್ಷೇತ್ರಗಳಲ್ಲಿ ಸಾಧನೆ ಮಾಡಿದವರನ್ನು ಗೌರವ ಸನ್ಮಾನಿಸಲಾಯಿತು. ಅತ್ಯಮೂಲ್ಯವಾದ, ಕ್ರಮೇಣ ಕಣ್ಮರೆಯಾಗುತ್ತಿರುವ ಜಾನಪದ ಸ್ವತಃ ಪ್ರಕಾರಗಳಾದ ದೊಡ್ಡ ಕುಣಿತ, ಪ್ರತಿನಿಧಿ ದೀಪಕ್ ಎಸ್.ಆರ್. ಮತ್ತಿತರರಿದ್ದರು. ಸಾವಯವ ಕೃಷಿ ಕ್ಷೇತ್ರದ ಶಾಂತಮ್ಮ ವೈ.ಸಿ., ಶಿಕ್ಷಣ ಕ್ಷೇತ್ರದ ಸಾಧಕರು ಉಪಸ್ಥಿತರಿದ್ದರು. ನಮ್ಮ ಟೊಯೋಟಾ ಕನ್ನಡ ಹಬ್ಬ ಕಾರ್ಯಕ್ರಮದಲ್ಲಿ ವಿವಿಧ ಕ್ಷೇತ್ರದ ಸಾಧಕರನ್ನು ಸನ್ಮಾನಿಸಲಾಯಿತು.
ಅಲಮೇಲಮ್ಮ ಪುಣ್ಯಸ್ಮರಣೆ ನೆಪದಲ್ಲಿ ಗಿಡ ನೆಟ್ಟ ಉದ್ಯಮಿ ಬೋಜರಾಜ್
ಧಾರ್ಮಿಕ ಕಾರ್ಯದ ಜತೆ ಗಿಡಗಳ ಪೋಷಣೆ
• ರಾಮನಗರ: ಪ್ರತಿ ವರ್ಷವೂ ತಮ್ಮ ತಾಯಿಯ ನೆನಪಿನಲ್ಲಿ ಗಿಡಗಳನ್ನು ನೆಡುತ್ತಿದ್ದೇವೆ. ಧಾರ್ಮಿಕ ಕಾರ್ಯಗಳ ಜತೆಗೆ ಪರಿಸರ ಸಂರಕ್ಷಣೆಯ ಕಾರ್ಯವನ್ನೂ ಮಾಡುತ್ತಿರುವುದು ಸಂತಸ ತಂದಿದೆ ಎಂದು ಉದ್ಯಮಿ ಬೋಜರಾಜ್ ಹೇಳಿದರು. ಅವರು ತಾಯಿ ಅಲಮೇಲಮ್ಮ ಅವರ ಪುಣ್ಯಸ್ಮರಣೆ ಅಂಗವಾಗಿ ಹಮ್ಮಿಕೊಂಡಿದ್ದ ಕಾರ್ಯಕ್ರಮದಲ್ಲಿ ಗಿಡ ನೆಟ್ಟು ಮಾತನಾಡಿದರು.
ಮಾತ್ರ ನಮ್ಮ ಮನೆಯಲ್ಲಿ ನಮ್ಮ ಜತೆಯೇ ಇರುವವರೆಗೆ ಉಳಿಯಲಿದೆ. ತಂದೆ-ತಾಯಿ ಸೇವೆ ಮಾಡುವ ಮಕ್ಕಳಿಗೆ ಎಂದಿಗೂ ಒಳಿತಾಗಲಿದೆ. ತಂದೆಯವರನ್ನು ನಿವೃತ್ತಿಸಿ ಅವರ ಪೋಷಣೆ ಜವಾಬ್ದಾರಿಯನ್ನು ನಿರ್ವಹಿಸಿದೆ ವೃದ್ಯಾಶ್ರಮ ಮಕ್ಕೆ ಪ್ರತಿಯೊಬ್ಬರೂ ಹೆತ್ತವರ ಋಣ ತೀರಿಸಲು ಸೇವೆ ಮಾಡಬೇಕು ಎಂದರು. ಕಾರ್ಯಕ್ರಮದಲ್ಲಿ ಕುಟುಂಬದ ಸದಸ್ಯರು, ಸ್ನೇಹಿತರು, ಗ್ರಾಮಸ್ಥರು ಭಾಗವಹಿಸಿದ್ದರು. ನೂರಾರು ಹಣ್ಣಿನ ಗಿಡಗಳನ್ನು ನೆಡಲಾಯಿತು. ಗಿಡಗಳ ಪೋಷಣೆಯ ಹೊಣೆಯನ್ನು ಸ್ಥಳೀಯ ಯುವಕರು ವಹಿಸಿಕೊಂಡರು. ಬಡ ವಿದ್ಯಾರ್ಥಿಗಳಿಗೆ ಶೈಕ್ಷಣಿಕ ನೆರವು ಕೊಡಗಿಬೇಕು ಎಂಬುದು ನನ್ನ ಆಶಯವಾಗಿದೆ ಎಂದು ಹೇಳಿದರು.
